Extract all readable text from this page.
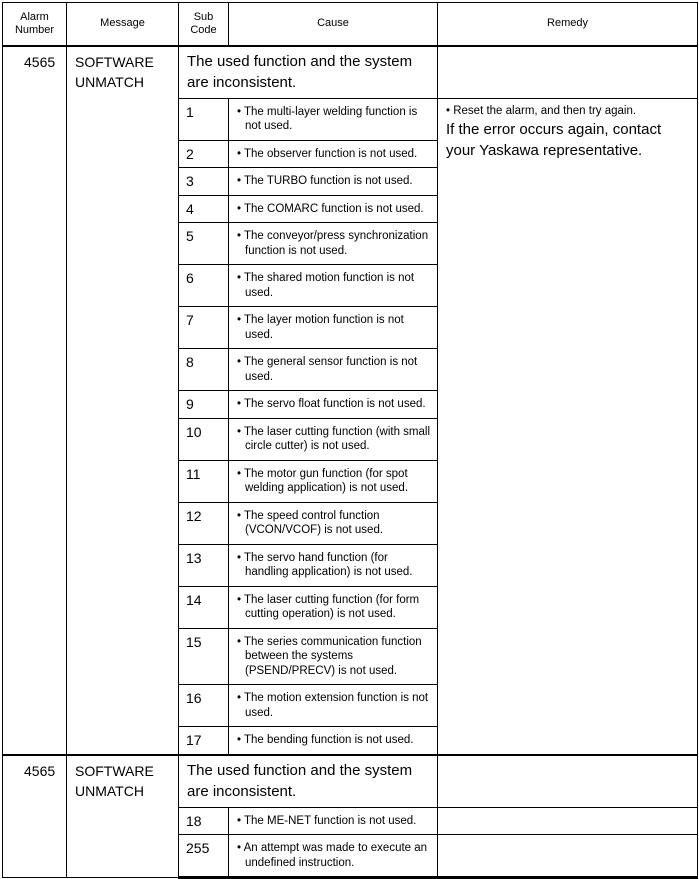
Alarm Number	Message	Sub Code	Cause	Remedy
4565	SOFTWARE UNMATCH	The used function and the system are inconsistent.		
		1	• The multi-layer welding function is not used.	• Reset the alarm, and then try again.
If the error occurs again, contact your Yaskawa representative.

		2	• The observer function is not used.	
		3	• The TURBO function is not used.	
		4	• The COMARC function is not used.	
		5	• The conveyor/press synchronization function is not used.	
		6	• The shared motion function is not used.	
		7	• The layer motion function is not used.	
		8	• The general sensor function is not used.	
		9	• The servo float function is not used.	
		10	• The laser cutting function (with small circle cutter) is not used.	
		11	• The motor gun function (for spot welding application) is not used.	
		12	• The speed control function (VCON/VCOF) is not used.	
		13	• The servo hand function (for handling application) is not used.	
		14	• The laser cutting function (for form cutting operation) is not used.	
		15	• The series communication function between the systems (PSEND/PRECV) is not used.	
		16	• The motion extension function is not used.	
		17	• The bending function is not used.	
4565	SOFTWARE UNMATCH	The used function and the system are inconsistent.		
		18	• The ME-NET function is not used.	
		255	• An attempt was made to execute an undefined instruction.	
